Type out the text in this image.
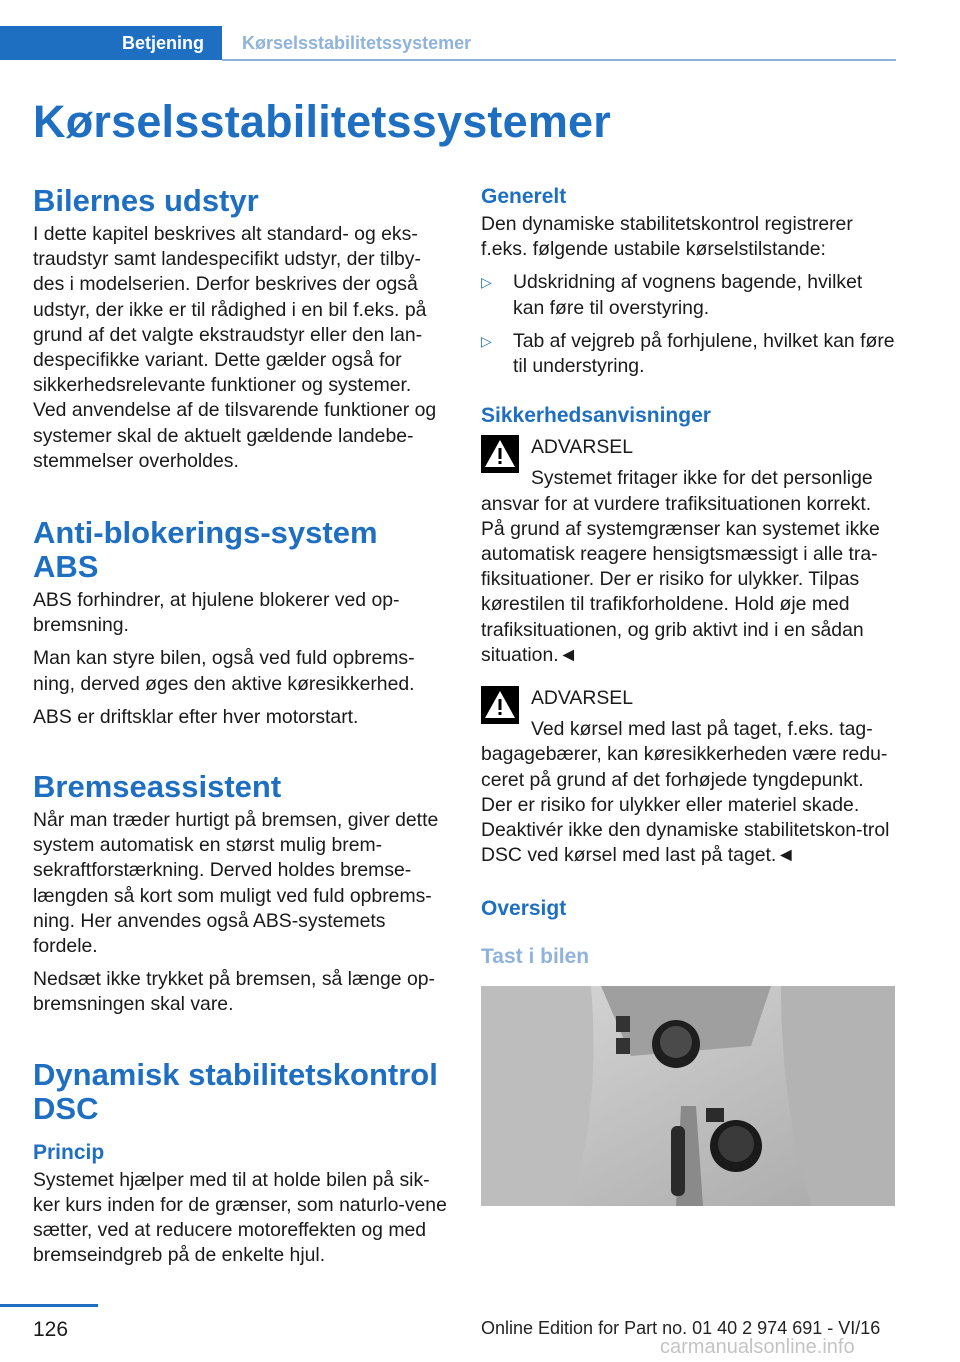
Betjening	Kørselsstabilitetssystemer
Kørselsstabilitetssystemer
Bilernes udstyr

I dette kapitel beskrives alt standard- og eks-traudstyr samt landespecifikt udstyr, der tilby-des i modelserien. Derfor beskrives der også udstyr, der ikke er til rådighed i en bil f.eks. på grund af det valgte ekstraudstyr eller den lan-despecifikke variant. Dette gælder også for sikkerhedsrelevante funktioner og systemer. Ved anvendelse af de tilsvarende funktioner og systemer skal de aktuelt gældende landebe-stemmelser overholdes.

Anti-blokerings-system ABS

ABS forhindrer, at hjulene blokerer ved op-bremsning.

Man kan styre bilen, også ved fuld opbrems-ning, derved øges den aktive køresikkerhed.

ABS er driftsklar efter hver motorstart.

Bremseassistent

Når man træder hurtigt på bremsen, giver dette system automatisk en størst mulig brem-sekraftforstærkning. Derved holdes bremse-længden så kort som muligt ved fuld opbrems-ning. Her anvendes også ABS-systemets fordele.

Nedsæt ikke trykket på bremsen, så længe op-bremsningen skal vare.

Dynamisk stabilitetskontrol DSC
Princip

Systemet hjælper med til at holde bilen på sik-ker kurs inden for de grænser, som naturlo-vene sætter, ved at reducere motoreffekten og med bremseindgreb på de enkelte hjul.

Generelt

Den dynamiske stabilitetskontrol registrerer f.eks. følgende ustabile kørselstilstande:

▷	Udskridning af vognens bagende, hvilket kan føre til overstyring.
▷	Tab af vejgreb på forhjulene, hvilket kan føre til understyring.
Sikkerhedsanvisninger
ADVARSEL
Systemet fritager ikke for det personlige ansvar for at vurdere trafiksituationen korrekt. På grund af systemgrænser kan systemet ikke automatisk reagere hensigtsmæssigt i alle tra-fiksituationer. Der er risiko for ulykker. Tilpas kørestilen til trafikforholdene. Hold øje med trafiksituationen, og grib aktivt ind i en sådan situation.◄
ADVARSEL
Ved kørsel med last på taget, f.eks. tag-bagagebærer, kan køresikkerheden være redu-ceret på grund af det forhøjede tyngdepunkt. Der er risiko for ulykker eller materiel skade. Deaktivér ikke den dynamiske stabilitetskon-trol DSC ved kørsel med last på taget.◄
Oversigt
Tast i bilen
126	Online Edition for Part no. 01 40 2 974 691 - VI/16
carmanualsonline.info
